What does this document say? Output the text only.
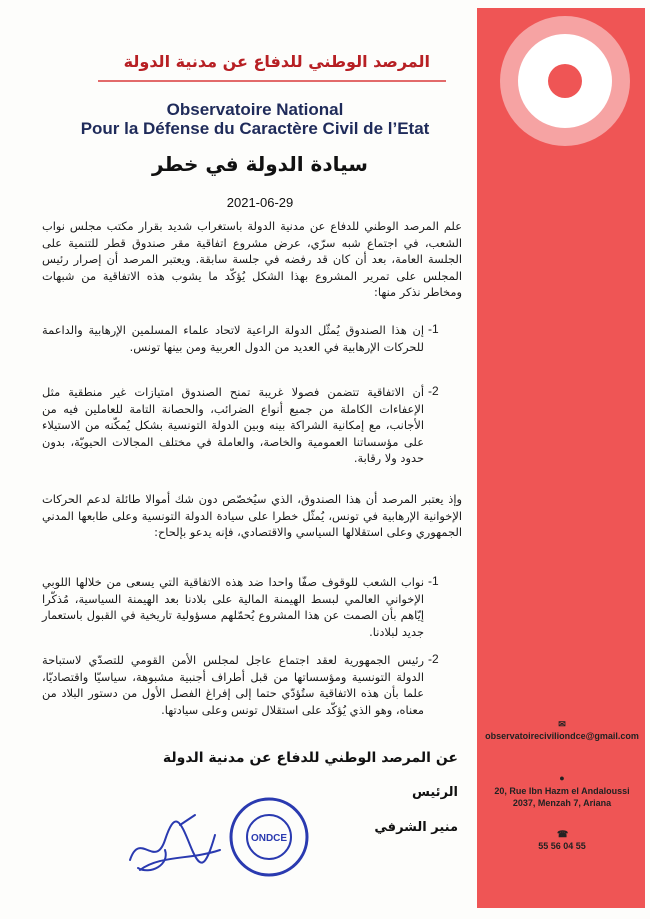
✉
observatoireciviliondce@gmail.com
●
20, Rue Ibn Hazm el Andaloussi
2037, Menzah 7, Ariana
☎
55 56 04 55
المرصد الوطني للدفاع عن مدنية الدولة
Observatoire National
Pour la Défense du Caractère Civil de l’Etat
سيادة الدولة في خطر
2021-06-29
علم المرصد الوطني للدفاع عن مدنية الدولة باستغراب شديد بقرار مكتب مجلس نواب الشعب، في اجتماع شبه سرّي، عرض مشروع اتفاقية مقر صندوق قطر للتنمية على الجلسة العامة، بعد أن كان قد رفضه في جلسة سابقة. ويعتبر المرصد أن إصرار رئيس المجلس على تمرير المشروع بهذا الشكل يُؤكّد ما يشوب هذه الاتفاقية من شبهات ومخاطر نذكر منها:
-1
إن هذا الصندوق يُمثّل الدولة الراعية لاتحاد علماء المسلمين الإرهابية والداعمة للحركات الإرهابية في العديد من الدول العربية ومن بينها تونس.
-2
أن الاتفاقية تتضمن فصولا غريبة تمنح الصندوق امتيازات غير منطقية مثل الإعفاءات الكاملة من جميع أنواع الضرائب، والحصانة التامة للعاملين فيه من الأجانب، مع إمكانية الشراكة بينه وبين الدولة التونسية بشكل يُمكّنه من الاستيلاء على مؤسساتنا العمومية والخاصة، والعاملة في مختلف المجالات الحيويّة، بدون حدود ولا رقابة.
وإذ يعتبر المرصد أن هذا الصندوق، الذي سيُخصّص دون شك أموالا طائلة لدعم الحركات الإخوانية الإرهابية في تونس، يُمثّل خطرا على سيادة الدولة التونسية وعلى طابعها المدني الجمهوري وعلى استقلالها السياسي والاقتصادي، فإنه يدعو بإلحاح:
-1
نواب الشعب للوقوف صفّا واحدا ضد هذه الاتفاقية التي يسعى من خلالها اللوبي الإخواني العالمي لبسط الهيمنة المالية على بلادنا بعد الهيمنة السياسية، مُذكّرا إيّاهم بأن الصمت عن هذا المشروع يُحمّلهم مسؤولية تاريخية في القبول باستعمار جديد لبلادنا.
-2
رئيس الجمهورية لعقد اجتماع عاجل لمجلس الأمن القومي للتصدّي لاستباحة الدولة التونسية ومؤسساتها من قبل أطراف أجنبية مشبوهة، سياسيّا واقتصاديّا، علما بأن هذه الاتفاقية ستُؤدّي حتما إلى إفراغ الفصل الأول من دستور البلاد من معناه، وهو الذي يُؤكّد على استقلال تونس وعلى سيادتها.
عن المرصد الوطني للدفاع عن مدنية الدولة
الرئيس
منير الشرفي
ONDCE
